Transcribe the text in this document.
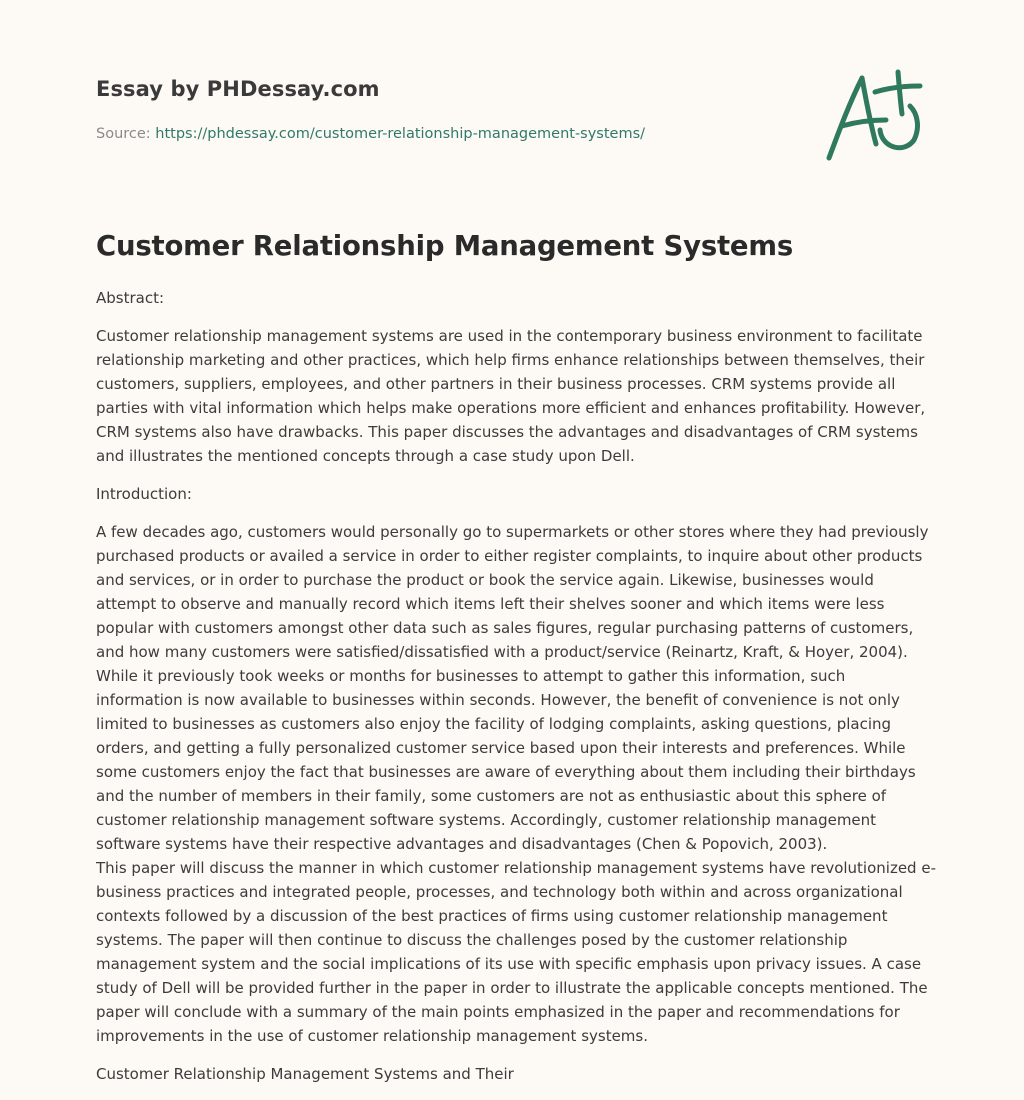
Essay by PHDessay.com
Source: https://phdessay.com/customer-relationship-management-systems/
Customer Relationship Management Systems

Abstract:

Customer relationship management systems are used in the contemporary business environment to facilitate relationship marketing and other practices, which help firms enhance relationships between themselves, their customers, suppliers, employees, and other partners in their business processes. CRM systems provide all parties with vital information which helps make operations more efficient and enhances profitability. However, CRM systems also have drawbacks. This paper discusses the advantages and disadvantages of CRM systems and illustrates the mentioned concepts through a case study upon Dell.

Introduction:

A few decades ago, customers would personally go to supermarkets or other stores where they had previously purchased products or availed a service in order to either register complaints, to inquire about other products and services, or in order to purchase the product or book the service again. Likewise, businesses would attempt to observe and manually record which items left their shelves sooner and which items were less popular with customers amongst other data such as sales figures, regular purchasing patterns of customers, and how many customers were satisfied/dissatisfied with a product/service (Reinartz, Kraft, & Hoyer, 2004). While it previously took weeks or months for businesses to attempt to gather this information, such information is now available to businesses within seconds. However, the benefit of convenience is not only limited to businesses as customers also enjoy the facility of lodging complaints, asking questions, placing orders, and getting a fully personalized customer service based upon their interests and preferences. While some customers enjoy the fact that businesses are aware of everything about them including their birthdays and the number of members in their family, some customers are not as enthusiastic about this sphere of customer relationship management software systems. Accordingly, customer relationship management software systems have their respective advantages and disadvantages (Chen & Popovich, 2003).

This paper will discuss the manner in which customer relationship management systems have revolutionized e-business practices and integrated people, processes, and technology both within and across organizational contexts followed by a discussion of the best practices of firms using customer relationship management systems. The paper will then continue to discuss the challenges posed by the customer relationship management system and the social implications of its use with specific emphasis upon privacy issues. A case study of Dell will be provided further in the paper in order to illustrate the applicable concepts mentioned. The paper will conclude with a summary of the main points emphasized in the paper and recommendations for improvements in the use of customer relationship management systems.

Customer Relationship Management Systems and Their
